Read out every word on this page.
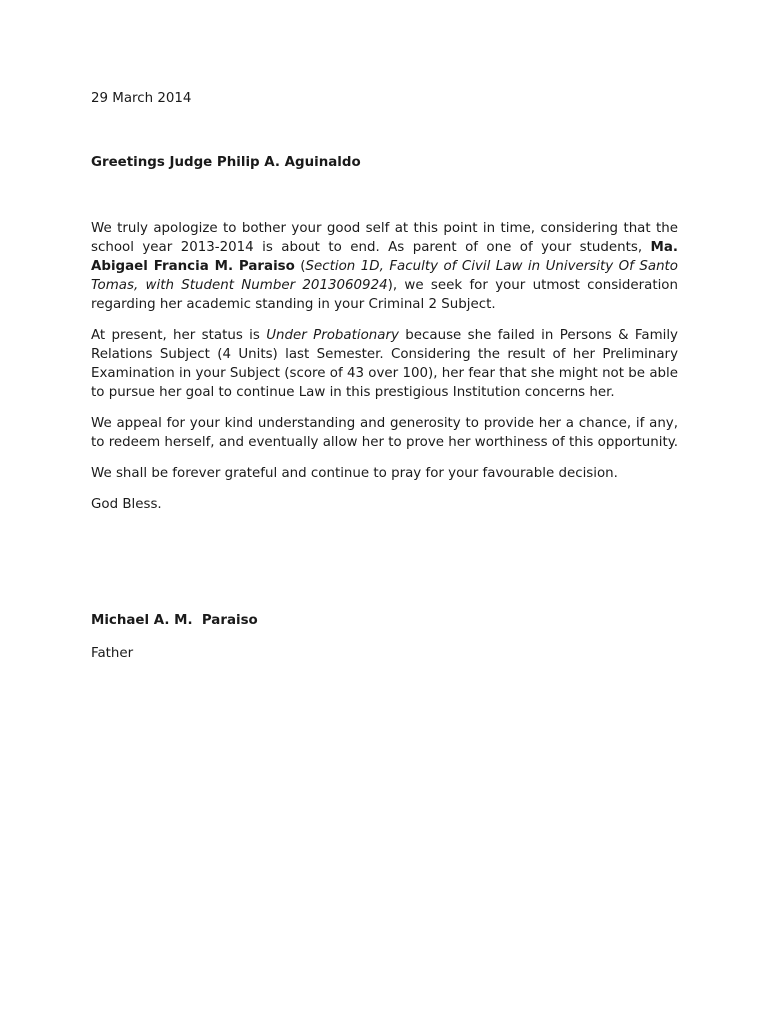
29 March 2014
Greetings Judge Philip A. Aguinaldo

We truly apologize to bother your good self at this point in time, considering that the school year 2013-2014 is about to end. As parent of one of your students, Ma. Abigael Francia M. Paraiso (Section 1D, Faculty of Civil Law in University Of Santo Tomas, with Student Number 2013060924), we seek for your utmost consideration regarding her academic standing in your Criminal 2 Subject.

At present, her status is Under Probationary because she failed in Persons & Family Relations Subject (4 Units) last Semester. Considering the result of her Preliminary Examination in your Subject (score of 43 over 100), her fear that she might not be able to pursue her goal to continue Law in this prestigious Institution concerns her.

We appeal for your kind understanding and generosity to provide her a chance, if any, to redeem herself, and eventually allow her to prove her worthiness of this opportunity.

We shall be forever grateful and continue to pray for your favourable decision.

God Bless.

Michael A. M.  Paraiso
Father
